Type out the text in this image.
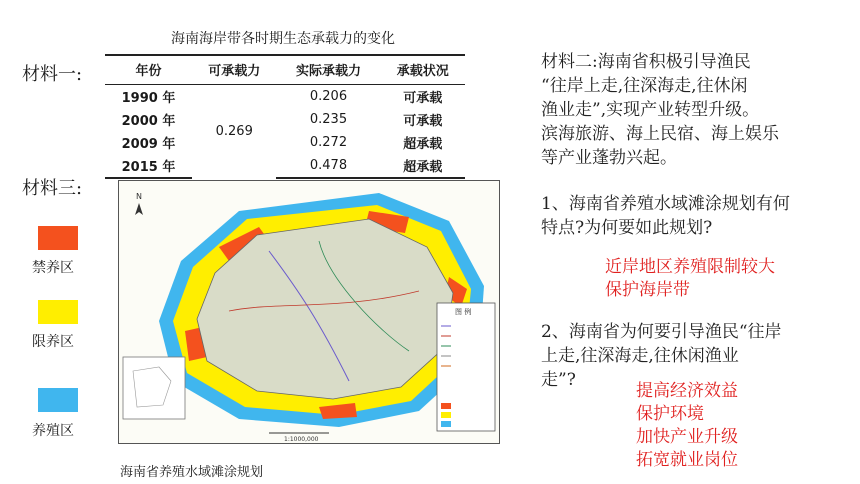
海南海岸带各时期生态承载力的变化
材料一:	年份	可承载力	实际承载力	承载状况
1990 年	0.269	0.206	可承载
2000 年		0.235	可承载
2009 年		0.272	超承载
2015 年		0.478	超承载
材料三:
禁养区
限养区
养殖区
N
图 例
1:1000,000
海南省养殖水域滩涂规划
材料二:海南省积极引导渔民
“往岸上走,往深海走,往休闲
渔业走”,实现产业转型升级。
滨海旅游、海上民宿、海上娱乐
等产业蓬勃兴起。
1、海南省养殖水域滩涂规划有何
特点?为何要如此规划?
近岸地区养殖限制较大
保护海岸带
2、海南省为何要引导渔民“往岸
上走,往深海走,往休闲渔业
走”?
提高经济效益
保护环境
加快产业升级
拓宽就业岗位
